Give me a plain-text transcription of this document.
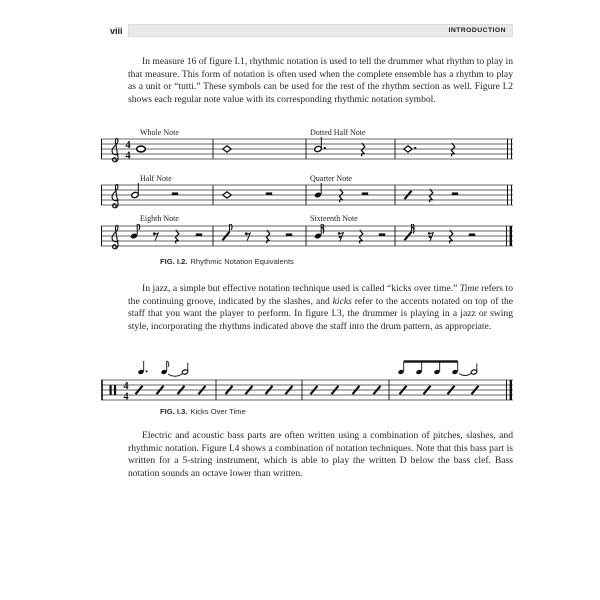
viii	INTRODUCTION

In measure 16 of figure I.1, rhythmic notation is used to tell the drummer what rhythm to play in that measure. This form of notation is often used when the complete ensemble has a rhythm to play as a unit or “tutti.” These symbols can be used for the rest of the rhythm section as well. Figure I.2 shows each regular note value with its corresponding rhythmic notation symbol.

Whole Note	Dotted Half Note
4
4
Half Note	Quarter Note
Eighth Note	Sixteenth Note
FIG. I.2. Rhythmic Notation Equivalents

In jazz, a simple but effective notation technique used is called “kicks over time.” Time refers to the continuing groove, indicated by the slashes, and kicks refer to the accents notated on top of the staff that you want the player to perform. In figure I.3, the drummer is playing in a jazz or swing style, incorporating the rhythms indicated above the staff into the drum pattern, as appropriate.

4
4
FIG. I.3. Kicks Over Time

Electric and acoustic bass parts are often written using a combination of pitches, slashes, and rhythmic notation. Figure I.4 shows a combination of notation techniques. Note that this bass part is written for a 5-string instrument, which is able to play the written D below the bass clef. Bass notation sounds an octave lower than written.
